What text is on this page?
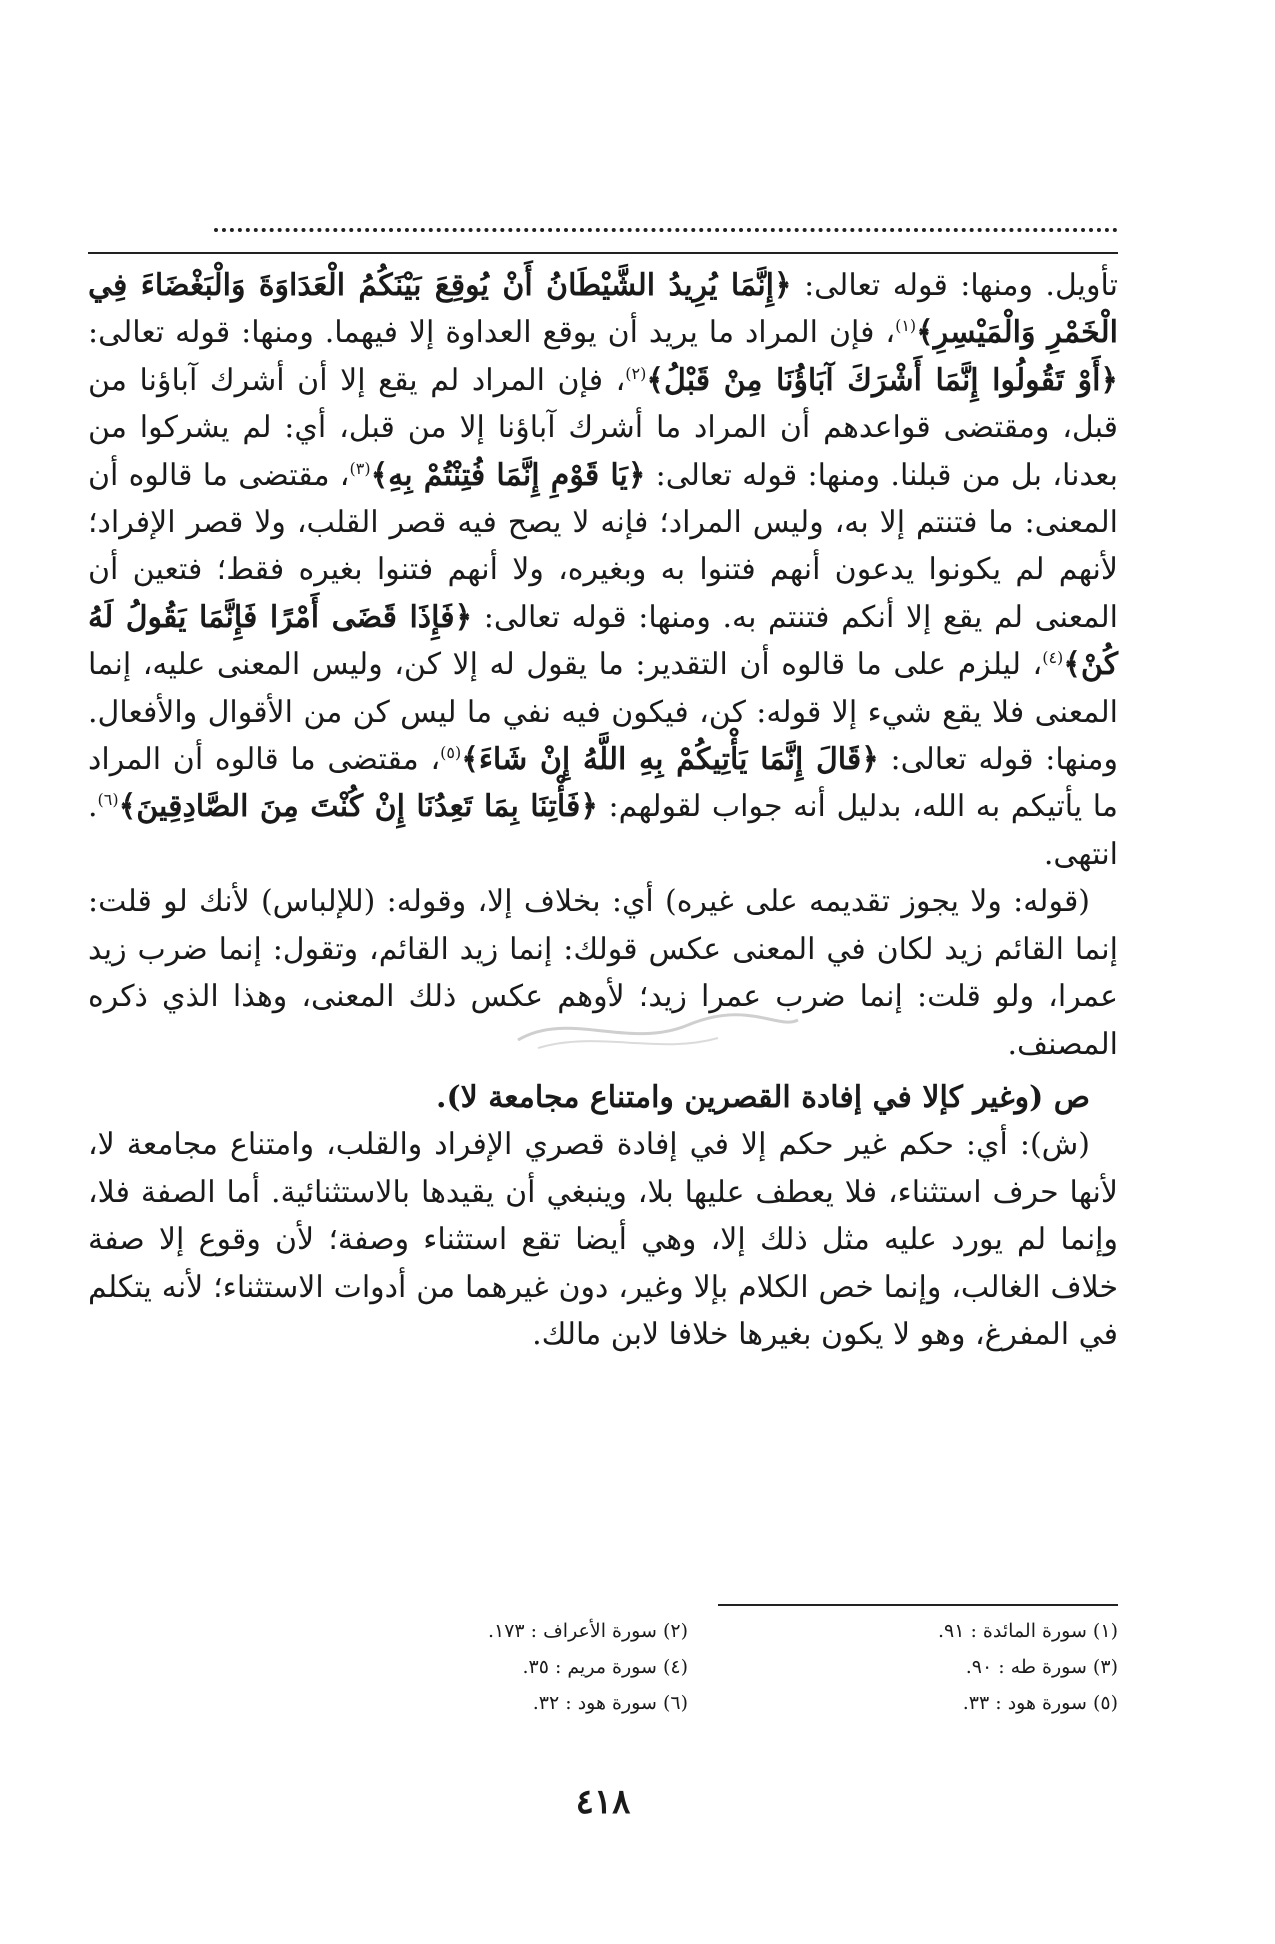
تأويل. ومنها: قوله تعالى: ﴿إِنَّمَا يُرِيدُ الشَّيْطَانُ أَنْ يُوقِعَ بَيْنَكُمُ الْعَدَاوَةَ وَالْبَغْضَاءَ فِي الْخَمْرِ وَالْمَيْسِرِ﴾$^{(١)}$، فإن المراد ما يريد أن يوقع العداوة إلا فيهما. ومنها: قوله تعالى: ﴿أَوْ تَقُولُوا إِنَّمَا أَشْرَكَ آبَاؤُنَا مِنْ قَبْلُ﴾$^{(٢)}$، فإن المراد لم يقع إلا أن أشرك آباؤنا من قبل، ومقتضى قواعدهم أن المراد ما أشرك آباؤنا إلا من قبل، أي: لم يشركوا من بعدنا، بل من قبلنا. ومنها: قوله تعالى: ﴿يَا قَوْمِ إِنَّمَا فُتِنْتُمْ بِهِ﴾$^{(٣)}$، مقتضى ما قالوه أن المعنى: ما فتنتم إلا به، وليس المراد؛ فإنه لا يصح فيه قصر القلب، ولا قصر الإفراد؛ لأنهم لم يكونوا يدعون أنهم فتنوا به وبغيره، ولا أنهم فتنوا بغيره فقط؛ فتعين أن المعنى لم يقع إلا أنكم فتنتم به. ومنها: قوله تعالى: ﴿فَإِذَا قَضَى أَمْرًا فَإِنَّمَا يَقُولُ لَهُ كُنْ﴾$^{(٤)}$، ليلزم على ما قالوه أن التقدير: ما يقول له إلا كن، وليس المعنى عليه، إنما المعنى فلا يقع شيء إلا قوله: كن، فيكون فيه نفي ما ليس كن من الأقوال والأفعال. ومنها: قوله تعالى: ﴿قَالَ إِنَّمَا يَأْتِيكُمْ بِهِ اللَّهُ إِنْ شَاءَ﴾$^{(٥)}$، مقتضى ما قالوه أن المراد ما يأتيكم به الله، بدليل أنه جواب لقولهم: ﴿فَأْتِنَا بِمَا تَعِدُنَا إِنْ كُنْتَ مِنَ الصَّادِقِينَ﴾$^{(٦)}$. انتهى.

(قوله: ولا يجوز تقديمه على غيره) أي: بخلاف إلا، وقوله: (للإلباس) لأنك لو قلت: إنما القائم زيد لكان في المعنى عكس قولك: إنما زيد القائم، وتقول: إنما ضرب زيد عمرا، ولو قلت: إنما ضرب عمرا زيد؛ لأوهم عكس ذلك المعنى، وهذا الذي ذكره المصنف.

ص (وغير كإلا في إفادة القصرين وامتناع مجامعة لا).

(ش): أي: حكم غير حكم إلا في إفادة قصري الإفراد والقلب، وامتناع مجامعة لا، لأنها حرف استثناء، فلا يعطف عليها بلا، وينبغي أن يقيدها بالاستثنائية. أما الصفة فلا، وإنما لم يورد عليه مثل ذلك إلا، وهي أيضا تقع استثناء وصفة؛ لأن وقوع إلا صفة خلاف الغالب، وإنما خص الكلام بإلا وغير، دون غيرهما من أدوات الاستثناء؛ لأنه يتكلم في المفرغ، وهو لا يكون بغيرها خلافا لابن مالك.

(١) سورة المائدة : ٩١.
(٢) سورة الأعراف : ١٧٣.
(٣) سورة طه : ٩٠.
(٤) سورة مريم : ٣٥.
(٥) سورة هود : ٣٣.
(٦) سورة هود : ٣٢.
٤١٨
